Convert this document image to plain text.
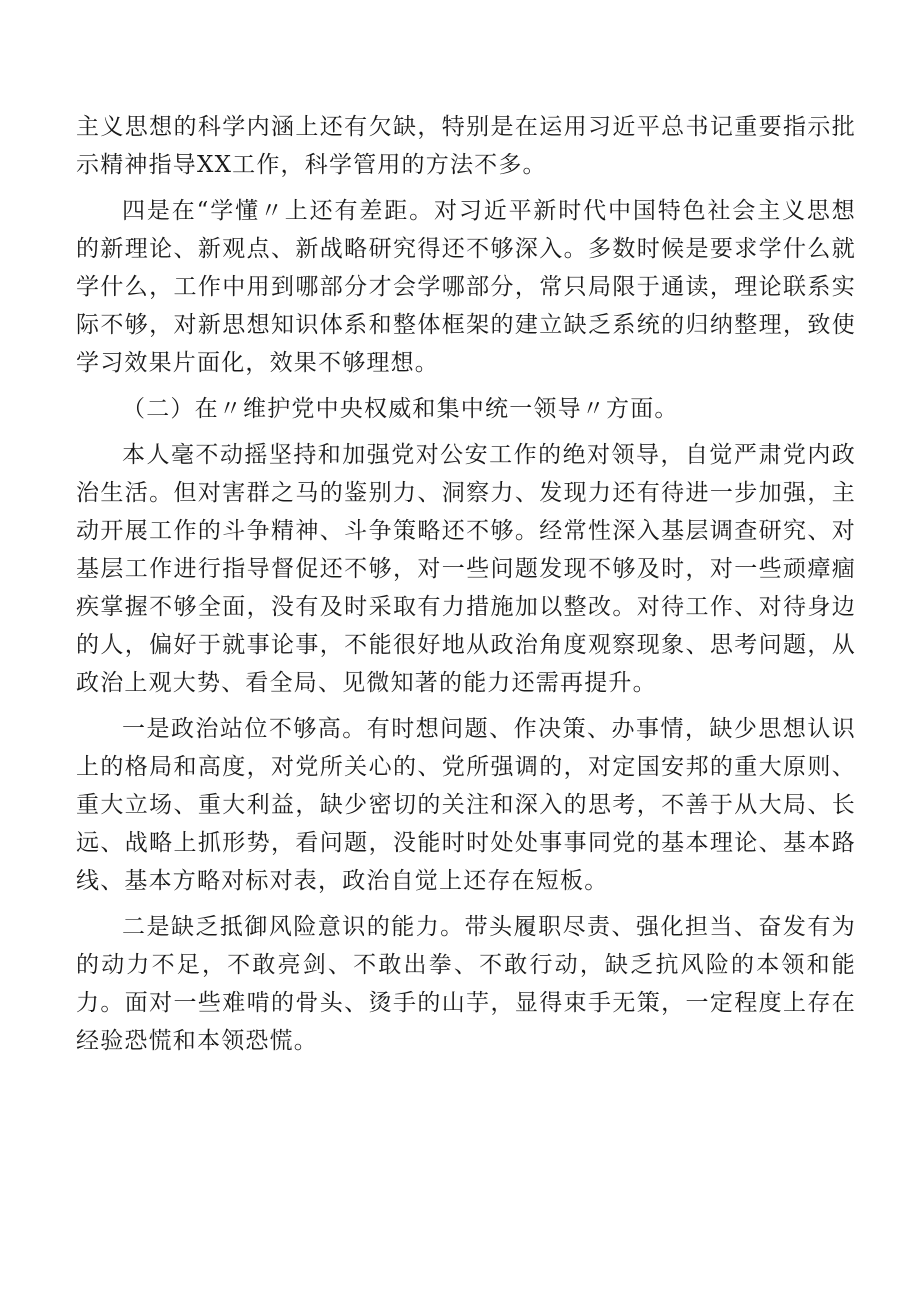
主义思想的科学内涵上还有欠缺，特别是在运用习近平总书记重要指示批示精神指导XX工作，科学管用的方法不多。

四是在“学懂〃上还有差距。对习近平新时代中国特色社会主义思想的新理论、新观点、新战略研究得还不够深入。多数时候是要求学什么就学什么，工作中用到哪部分才会学哪部分，常只局限于通读，理论联系实际不够，对新思想知识体系和整体框架的建立缺乏系统的归纳整理，致使学习效果片面化，效果不够理想。

（二）在〃维护党中央权威和集中统一领导〃方面。

本人毫不动摇坚持和加强党对公安工作的绝对领导，自觉严肃党内政治生活。但对害群之马的鉴别力、洞察力、发现力还有待进一步加强，主动开展工作的斗争精神、斗争策略还不够。经常性深入基层调查研究、对基层工作进行指导督促还不够，对一些问题发现不够及时，对一些顽瘴痼疾掌握不够全面，没有及时采取有力措施加以整改。对待工作、对待身边的人，偏好于就事论事，不能很好地从政治角度观察现象、思考问题，从政治上观大势、看全局、见微知著的能力还需再提升。

一是政治站位不够高。有时想问题、作决策、办事情，缺少思想认识上的格局和高度，对党所关心的、党所强调的，对定国安邦的重大原则、重大立场、重大利益，缺少密切的关注和深入的思考，不善于从大局、长远、战略上抓形势，看问题，没能时时处处事事同党的基本理论、基本路线、基本方略对标对表，政治自觉上还存在短板。

二是缺乏抵御风险意识的能力。带头履职尽责、强化担当、奋发有为的动力不足，不敢亮剑、不敢出拳、不敢行动，缺乏抗风险的本领和能力。面对一些难啃的骨头、烫手的山芋，显得束手无策，一定程度上存在经验恐慌和本领恐慌。
